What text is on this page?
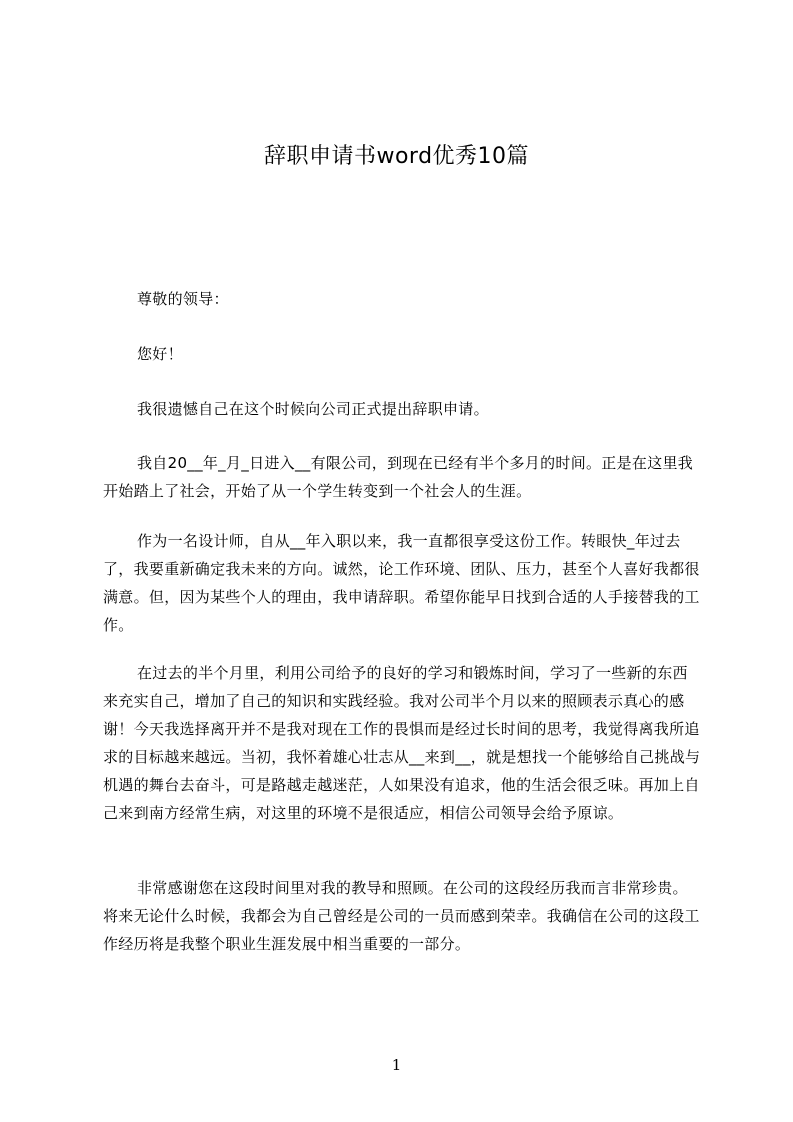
辞职申请书word优秀10篇

尊敬的领导：

您好！

我很遗憾自己在这个时候向公司正式提出辞职申请。

我自20__年_月_日进入__有限公司，到现在已经有半个多月的时间。正是在这里我开始踏上了社会，开始了从一个学生转变到一个社会人的生涯。

作为一名设计师，自从__年入职以来，我一直都很享受这份工作。转眼快_年过去了，我要重新确定我未来的方向。诚然，论工作环境、团队、压力，甚至个人喜好我都很满意。但，因为某些个人的理由，我申请辞职。希望你能早日找到合适的人手接替我的工作。

在过去的半个月里，利用公司给予的良好的学习和锻炼时间，学习了一些新的东西来充实自己，增加了自己的知识和实践经验。我对公司半个月以来的照顾表示真心的感谢！今天我选择离开并不是我对现在工作的畏惧而是经过长时间的思考，我觉得离我所追求的目标越来越远。当初，我怀着雄心壮志从__来到__，就是想找一个能够给自己挑战与机遇的舞台去奋斗，可是路越走越迷茫，人如果没有追求，他的生活会很乏味。再加上自己来到南方经常生病，对这里的环境不是很适应，相信公司领导会给予原谅。

非常感谢您在这段时间里对我的教导和照顾。在公司的这段经历我而言非常珍贵。将来无论什么时候，我都会为自己曾经是公司的一员而感到荣幸。我确信在公司的这段工作经历将是我整个职业生涯发展中相当重要的一部分。

1
